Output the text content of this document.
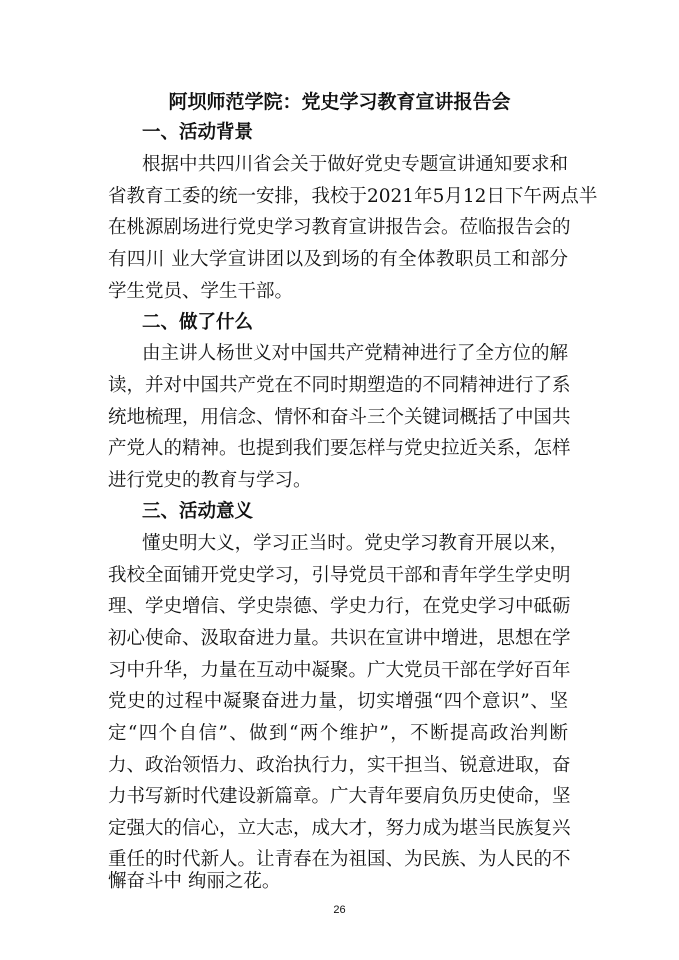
阿坝师范学院：党史学习教育宣讲报告会
一、活动背景
根据中共四川省会关于做好党史专题宣讲通知要求和
省教育工委的统一安排，我校于2021年5月12日下午两点半
在桃源剧场进行党史学习教育宣讲报告会。莅临报告会的
有四川 业大学宣讲团以及到场的有全体教职员工和部分
学生党员、学生干部。
二、做了什么
由主讲人杨世义对中国共产党精神进行了全方位的解
读，并对中国共产党在不同时期塑造的不同精神进行了系
统地梳理，用信念、情怀和奋斗三个关键词概括了中国共
产党人的精神。也提到我们要怎样与党史拉近关系，怎样
进行党史的教育与学习。
三、活动意义
懂史明大义，学习正当时。党史学习教育开展以来，
我校全面铺开党史学习，引导党员干部和青年学生学史明
理、学史增信、学史崇德、学史力行，在党史学习中砥砺
初心使命、汲取奋进力量。共识在宣讲中增进，思想在学
习中升华，力量在互动中凝聚。广大党员干部在学好百年
党史的过程中凝聚奋进力量，切实增强“四个意识”、坚
定“四个自信”、做到“两个维护”，不断提高政治判断
力、政治领悟力、政治执行力，实干担当、锐意进取，奋
力书写新时代建设新篇章。广大青年要肩负历史使命，坚
定强大的信心，立大志，成大才，努力成为堪当民族复兴
重任的时代新人。让青春在为祖国、为民族、为人民的不
懈奋斗中 绚丽之花。
26
